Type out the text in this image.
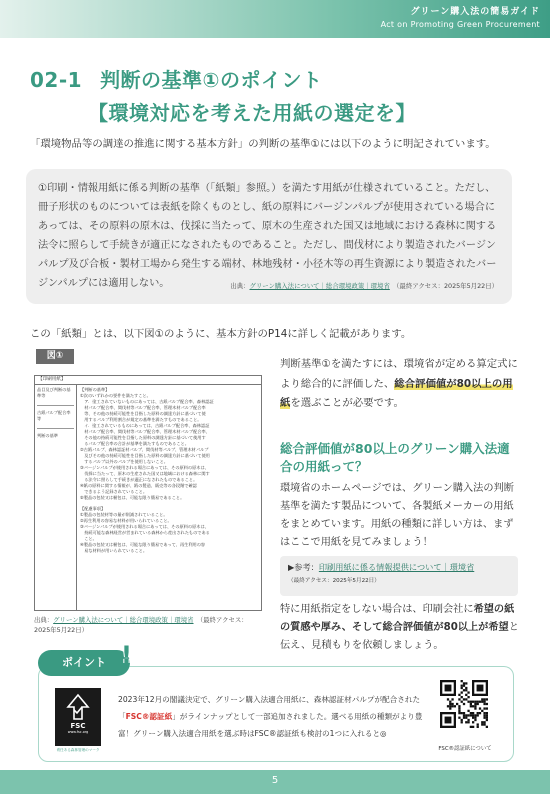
グリーン購入法の簡易ガイド
Act on Promoting Green Procurement
02-1 判断の基準①のポイント
【環境対応を考えた用紙の選定を】
「環境物品等の調達の推進に関する基本方針」の判断の基準①には以下のように明記されています。
①印刷・情報用紙に係る判断の基準（「紙類」参照。）を満たす用紙が仕様されていること。ただし、冊子形状のものについては表紙を除くものとし、紙の原料にバージンパルプが使用されている場合にあっては、その原料の原木は、伐採に当たって、原木の生産された国又は地域における森林に関する法令に照らして手続きが適正になされたものであること。ただし、間伐材により製造されたバージンパルプ及び合板・製材工場から発生する端材、林地残材・小径木等の再生資源により製造されたバージンパルプには適用しない。	出典：グリーン購入法について｜総合環境政策｜環境省　 （最終アクセス：2025年5月22日）
この「紙類」とは、以下図①のように、基本方針のP14に詳しく記載があります。
図①
【印刷用紙】
品目及び判断の基準等
古紙パルプ配合率等
判断の基準
【判断の基準】
①次のいずれかの要件を満たすこと。
　ア．塗工されていないものにあっては、古紙パルプ配合率、森林認証
　材パルプ配合率、間伐材等パルプ配合率、管理木材パルプ配合率
　等、その他の持続可能性を目指した原料の調達方針に基づいて使
　用するパルプ利用割合が規定の基準を満たすものであること。
　イ．塗工されているものにあっては、古紙パルプ配合率、森林認証
　材パルプ配合率、間伐材等パルプ配合率、管理木材パルプ配合率、
　その他の持続可能性を目指した原料の調達方針に基づいて使用す
　るパルプ配合率の合計が基準を満たすものであること。
②古紙パルプ、森林認証材パルプ、間伐材等パルプ、管理木材パルプ
　及びその他の持続可能性を目指した原料の調達方針に基づいて使用
　するパルプ以外のパルプを使用しないこと。
③バージンパルプが使用される場合にあっては、その原料の原木は、
　伐採に当たって、原木の生産された国又は地域における森林に関す
　る法令に照らして手続きが適正になされたものであること。
④紙の原料に関する情報が、紙の製造、販売等の各段階で確認
　できるよう記録されていること。
⑤製品の包装又は梱包は、可能な限り簡易であること。
【配慮事項】
①製品の包装材等の量が削減されていること。
②再生利用の容易な材料が用いられていること。
③バージンパルプが使用される場合にあっては、その原料の原木は、
　持続可能な森林経営が営まれている森林から産出されたものである
　こと。
④製品の包装又は梱包は、可能な限り簡易であって、再生利用の容
　易な材料が用いられていること。
出典：グリーン購入法について｜総合環境政策｜環境省　 （最終アクセス：2025年5月22日）
判断基準①を満たすには、環境省が定める算定式により総合的に評価した、総合評価値が80以上の用紙を選ぶことが必要です。
総合評価値が80以上のグリーン購入法適合の用紙って？
環境省のホームページでは、グリーン購入法の判断基準を満たす製品について、各製紙メーカーの用紙をまとめています。用紙の種類に詳しい方は、まずはここで用紙を見てみましょう！
▶参考：印刷用紙に係る情報提供について｜環境省
（最終アクセス：2025年5月22日）
特に用紙指定をしない場合は、印刷会社に希望の紙の質感や厚み、そして総合評価値が80以上が希望と伝え、見積もりを依頼しましょう。
ポイント !
FSC
www.fsc.org
責任ある森林管理のマーク
2023年12月の閣議決定で、グリーン購入法適合用紙に、森林認証材パルプが配合された「FSC®認証紙」がラインナップとして一部追加されました。選べる用紙の種類がより豊富！グリーン購入法適合用紙を選ぶ時はFSC®認証紙も検討の1つに入れると◎
FSC®認証紙について
5
